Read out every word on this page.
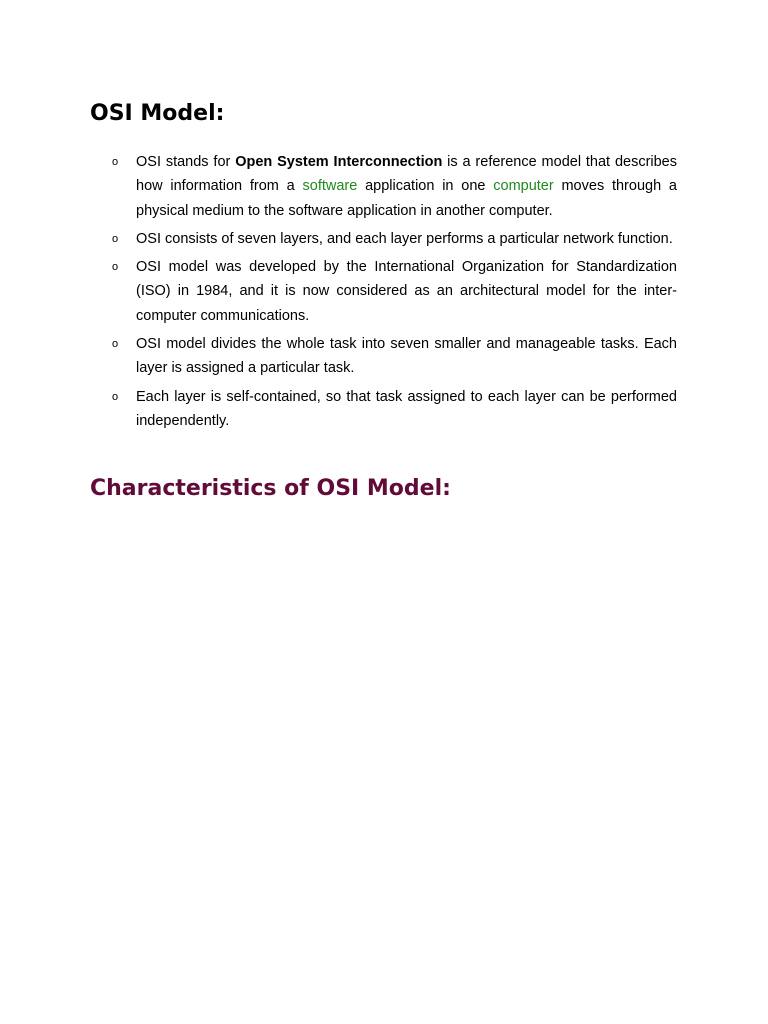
OSI Model:
o OSI stands for Open System Interconnection is a reference model that describes how information from a software application in one computer moves through a physical medium to the software application in another computer.
o OSI consists of seven layers, and each layer performs a particular network function.
o OSI model was developed by the International Organization for Standardization (ISO) in 1984, and it is now considered as an architectural model for the inter-computer communications.
o OSI model divides the whole task into seven smaller and manageable tasks. Each layer is assigned a particular task.
o Each layer is self-contained, so that task assigned to each layer can be performed independently.
Characteristics of OSI Model:
